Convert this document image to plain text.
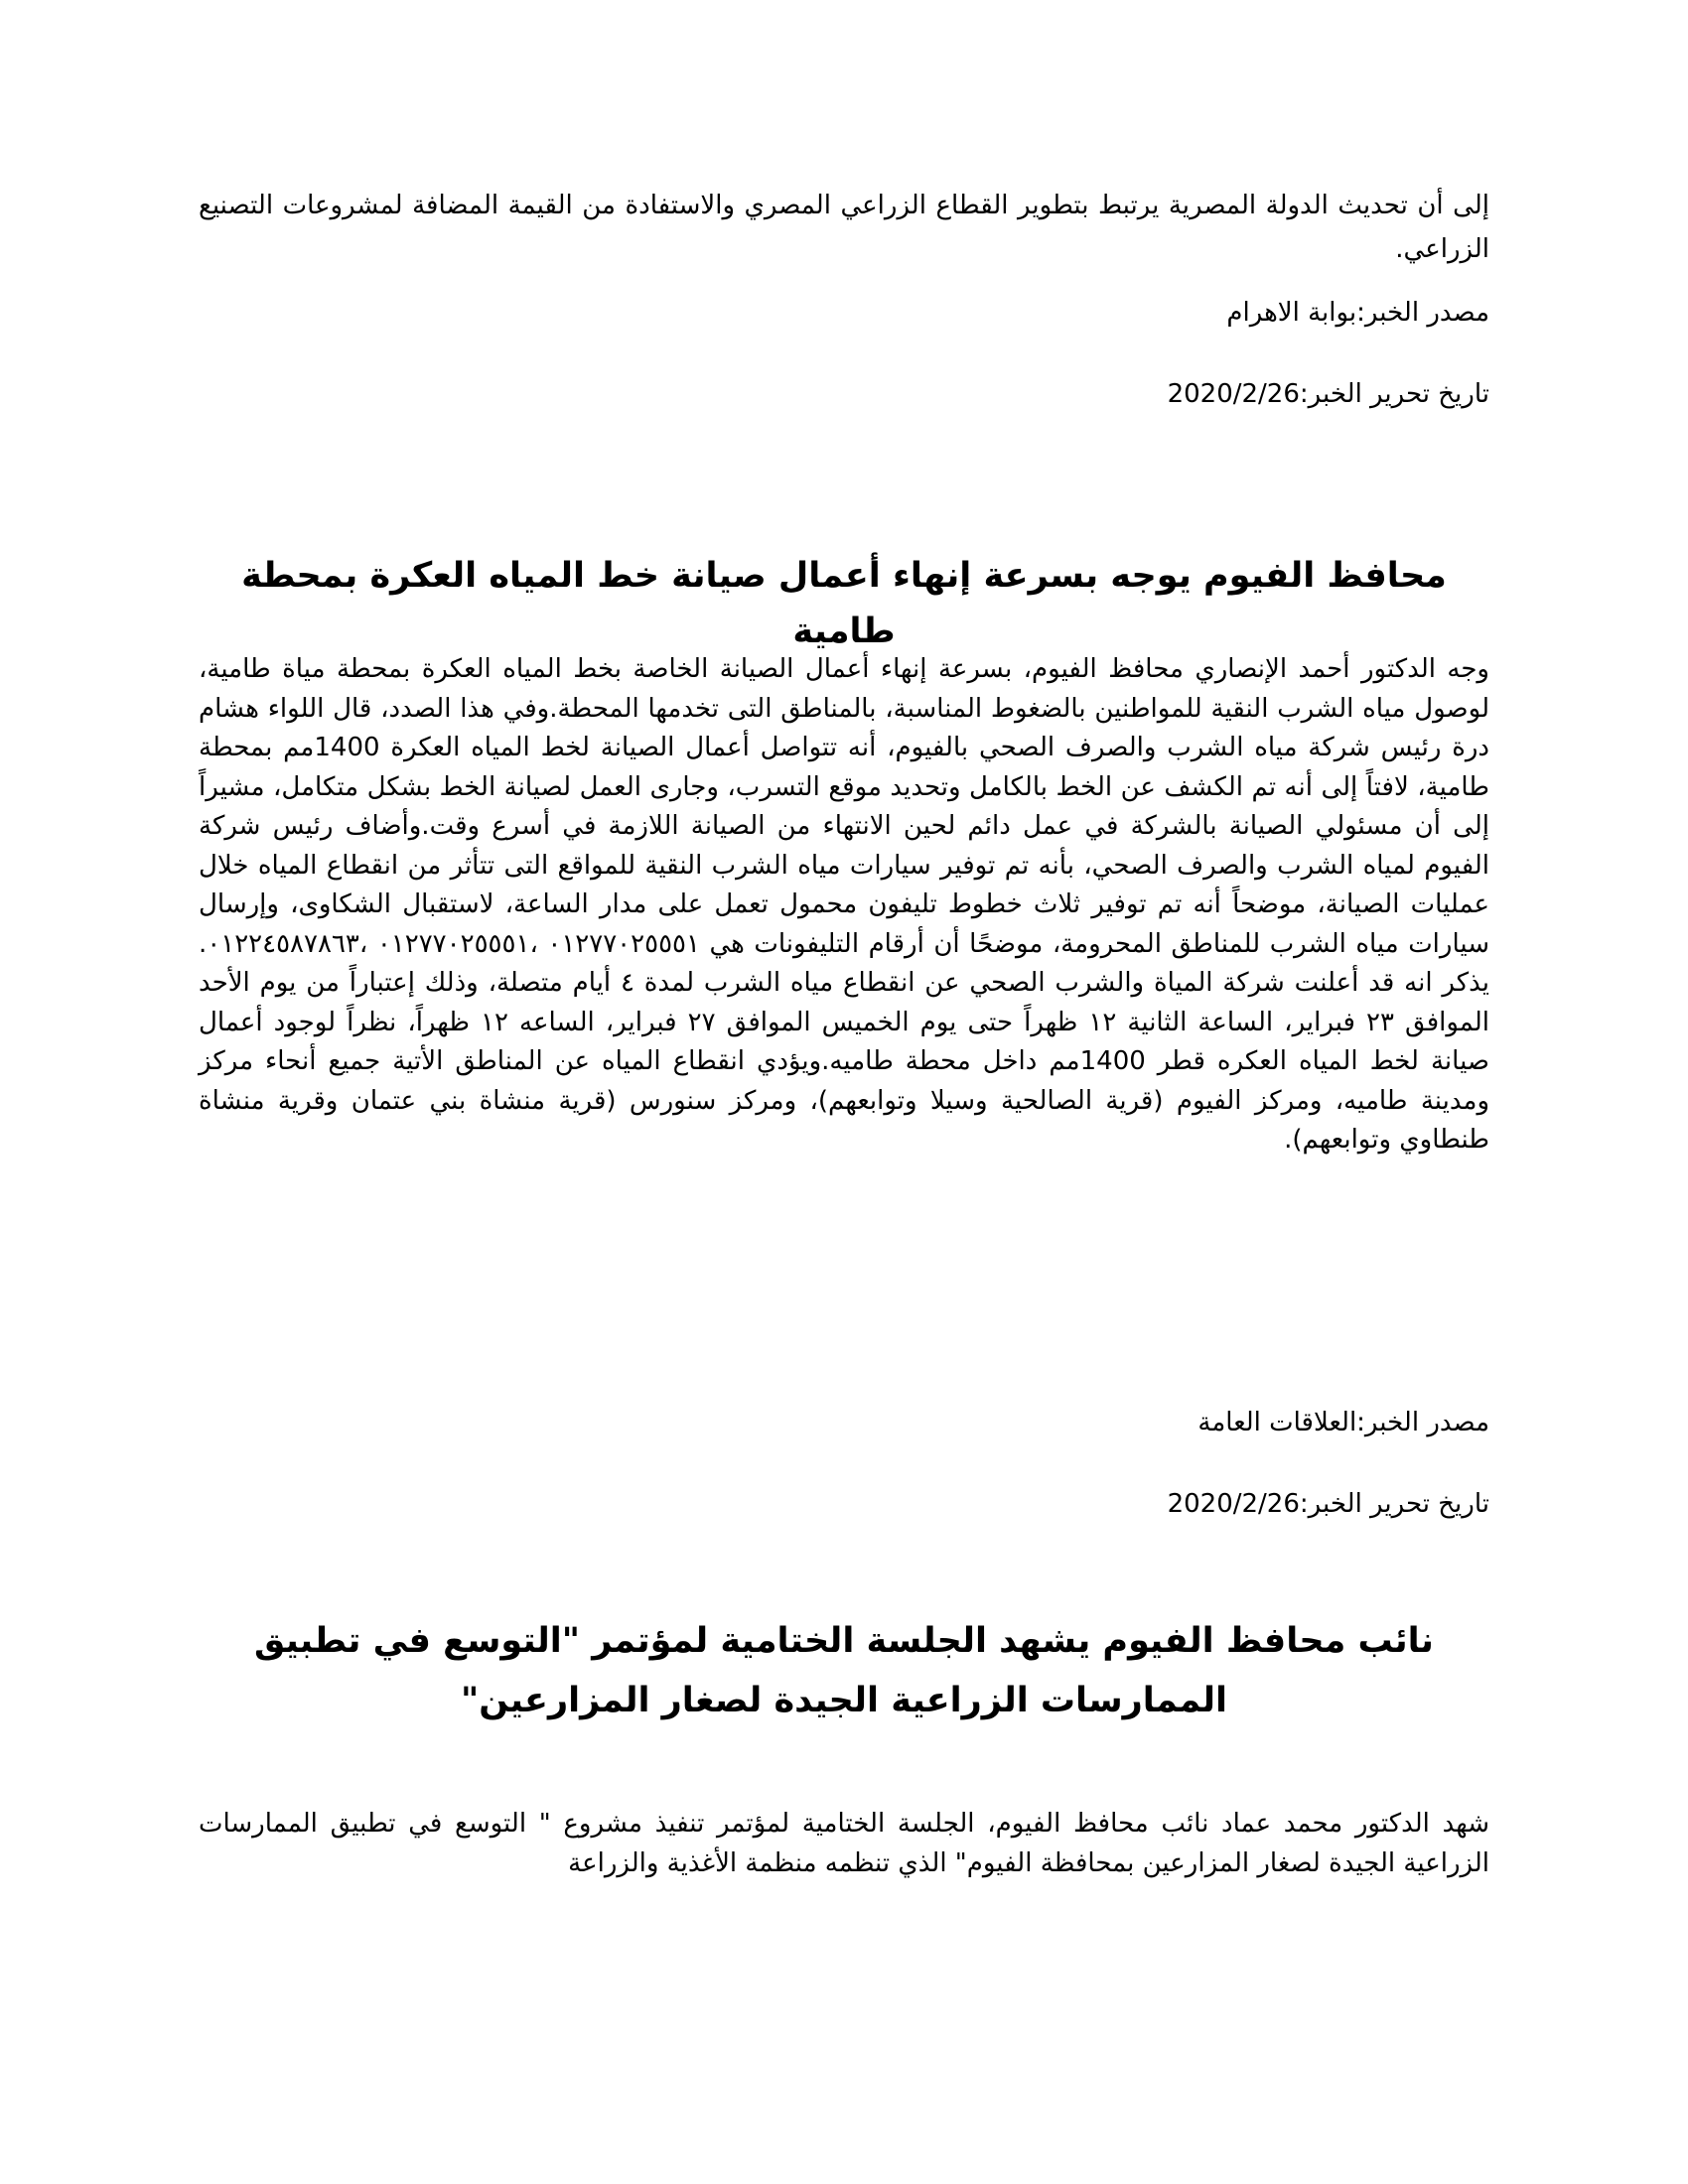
إلى أن تحديث الدولة المصرية يرتبط بتطوير القطاع الزراعي المصري والاستفادة من القيمة المضافة لمشروعات التصنيع الزراعي.

مصدر الخبر:بوابة الاهرام

تاريخ تحرير الخبر:2020/2/26

محافظ الفيوم يوجه بسرعة إنهاء أعمال صيانة خط المياه العكرة بمحطة طامية

وجه الدكتور أحمد الإنصاري محافظ الفيوم، بسرعة إنهاء أعمال الصيانة الخاصة بخط المياه العكرة بمحطة مياة طامية، لوصول مياه الشرب النقية للمواطنين بالضغوط المناسبة، بالمناطق التى تخدمها المحطة.وفي هذا الصدد، قال اللواء هشام درة رئيس شركة مياه الشرب والصرف الصحي بالفيوم، أنه تتواصل أعمال الصيانة لخط المياه العكرة 1400مم بمحطة طامية، لافتاً إلى أنه تم الكشف عن الخط بالكامل وتحديد موقع التسرب، وجارى العمل لصيانة الخط بشكل متكامل، مشيراً إلى أن مسئولي الصيانة بالشركة في عمل دائم لحين الانتهاء من الصيانة اللازمة في أسرع وقت.وأضاف رئيس شركة الفيوم لمياه الشرب والصرف الصحي، بأنه تم توفير سيارات مياه الشرب النقية للمواقع التى تتأثر من انقطاع المياه خلال عمليات الصيانة، موضحاً أنه تم توفير ثلاث خطوط تليفون محمول تعمل على مدار الساعة، لاستقبال الشكاوى، وإرسال سيارات مياه الشرب للمناطق المحرومة، موضحًا أن أرقام التليفونات هي ٠١٢٧٧٠٢٥٥٥١ ،٠١٢٧٧٠٢٥٥٥١ ،٠١٢٢٤٥٨٧٨٦٣. يذكر انه قد أعلنت شركة المياة والشرب الصحي عن انقطاع مياه الشرب لمدة ٤ أيام متصلة، وذلك إعتباراً من يوم الأحد الموافق ٢٣ فبراير، الساعة الثانية ١٢ ظهراً حتى يوم الخميس الموافق ٢٧ فبراير، الساعه ١٢ ظهراً، نظراً لوجود أعمال صيانة لخط المياه العكره قطر 1400مم داخل محطة طاميه.ويؤدي انقطاع المياه عن المناطق الأتية جميع أنحاء مركز ومدينة طاميه، ومركز الفيوم (قرية الصالحية وسيلا وتوابعهم)، ومركز سنورس (قرية منشاة بني عتمان وقرية منشاة طنطاوي وتوابعهم).

مصدر الخبر:العلاقات العامة

تاريخ تحرير الخبر:2020/2/26

نائب محافظ الفيوم يشهد الجلسة الختامية لمؤتمر "التوسع في تطبيق الممارسات الزراعية الجيدة لصغار المزارعين"

شهد الدكتور محمد عماد نائب محافظ الفيوم، الجلسة الختامية لمؤتمر تنفيذ مشروع " التوسع في تطبيق الممارسات الزراعية الجيدة لصغار المزارعين بمحافظة الفيوم" الذي تنظمه منظمة الأغذية والزراعة
